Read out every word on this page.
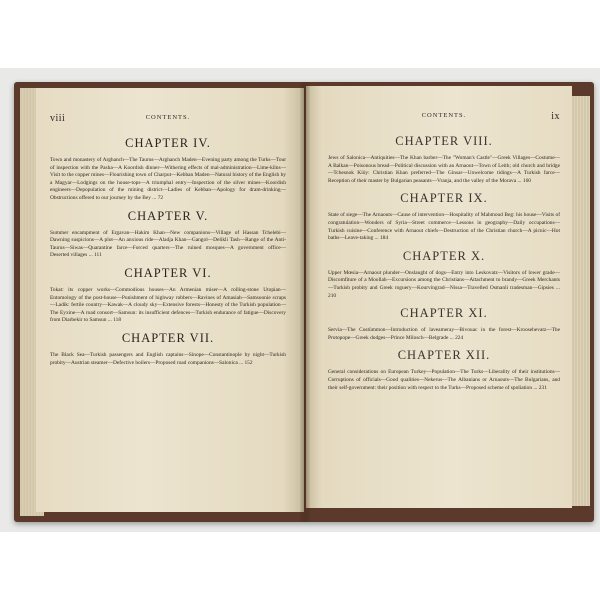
viii	CONTENTS.
CHAPTER IV.

Town and monastery of Arghanch—The Taurus—Arghanch Maden—Evening party among the Turks—Tour of inspection with the Pasha—A Koordish dinner—Withering effects of mal-administration—Lime-kilns—Visit to the copper mines—Flourishing town of Charput—Kebban Maden—Natural history of the English by a Magyar—Lodgings on the house-tops—A triumphal entry—Inspection of the silver mines—Koordish engineers—Depopulation of the mining district—Ladies of Kebban—Apology for dram-drinking—Obstructions offered to our journey by the Bey ... 72

CHAPTER V.

Summer encampment of Ergavan—Hakim Khan—New companions—Village of Hassan Tchelebi—Dawning suspicions—A plot—An anxious ride—Aladja Khan—Gangol—Delikli Tash—Range of the Anti-Taurus—Siwas—Quarantine farce—Forced quarters—The ruined mosques—A government office—Deserted villages ... 111

CHAPTER VI.

Tokat: its copper works—Commodious houses—An Armenian miser—A rolling-stone Utopian—Entomology of the post-house—Punishment of highway robbers—Ravines of Amasiah—Samsoonie scraps—Ladik: fertile country—Kawak—A cloudy sky—Extensive forests—Honesty of the Turkish population—The Eyxine—A road consort—Samsun: its insufficient defences—Turkish endurance of fatigue—Discovery from Diarbekir to Samsun ... 118

CHAPTER VII.

The Black Sea—Turkish passengers and English captains—Sinope—Constantinople by night—Turkish probity—Austrian steamer—Defective boilers—Proposed road companions—Salonica ... 152

CONTENTS.	ix
CHAPTER VIII.

Jews of Salonica—Antiquities—The Khan barber—The "Woman's Castle"—Greek Villages—Costume—A Balkan—Poisonous bread—Political discussion with an Arnaout—Town of Leith; old church and bridge—Tchesnok Kiöy: Christian Khan preferred—The Ginsar—Unwelcome tidings—A Turkish farce—Reception of their master by Bulgarian peasants—Vranja, and the valley of the Morava ... 160

CHAPTER IX.

State of siege—The Arnaouts—Cause of intervention—Hospitality of Mahmoud Beg: his house—Visits of congratulation—Wonders of Syria—Street commerce—Lessons in geography—Daily occupations—Turkish cuisine—Conference with Arnaout chiefs—Destruction of the Christian church—A picnic—Hot baths—Leave-taking ... 184

CHAPTER X.

Upper Mœsia—Arnaout plunder—Onslaught of dogs—Entry into Leskovatz—Visitors of lower grade—Discomfiture of a Moollah—Excursions among the Christians—Attachment to brandy—Greek Merchants—Turkish probity and Greek roguery—Kourvingrad—Nissa—Travelled Osmanli tradesman—Gipsies ... 210

CHAPTER XI.

Servia—The Costümmon—Introduction of laveameray—Bivouac in the forest—Kroosehevatz—The Protopope—Greek dodges—Prince Milosch—Belgrade ... 224

CHAPTER XII.

General considerations on European Turkey—Population—The Turks—Liberality of their institutions—Corruptions of officials—Good qualities—Nekerus—The Albanians or Arnaouts—The Bulgarians, and their self-government: their position with respect to the Turks—Proposed scheme of spoliation ... 231
